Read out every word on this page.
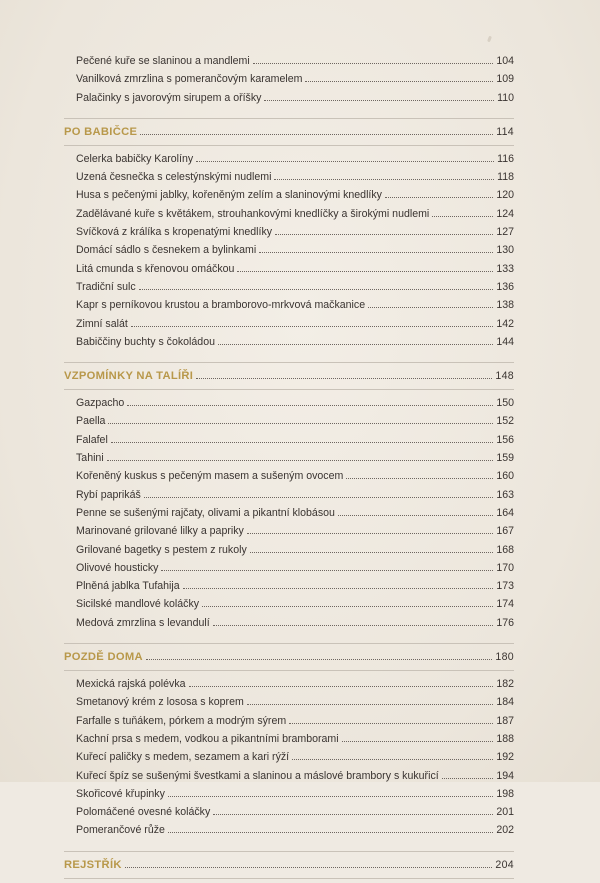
Pečené kuře se slaninou a mandlemi	104
Vanilková zmrzlina s pomerančovým karamelem	109
Palačinky s javorovým sirupem a oříšky	110
PO BABIČCE	114
Celerka babičky Karolíny	116
Uzená česnečka s celestýnskými nudlemi	118
Husa s pečenými jablky, kořeněným zelím a slaninovými knedlíky	120
Zadělávané kuře s květákem, strouhankovými knedlíčky a širokými nudlemi	124
Svíčková z králíka s kropenatými knedlíky	127
Domácí sádlo s česnekem a bylinkami	130
Litá cmunda s křenovou omáčkou	133
Tradiční sulc	136
Kapr s perníkovou krustou a bramborovo-mrkvová mačkanice	138
Zimní salát	142
Babiččiny buchty s čokoládou	144
VZPOMÍNKY NA TALÍŘI	148
Gazpacho	150
Paella	152
Falafel	156
Tahini	159
Kořeněný kuskus s pečeným masem a sušeným ovocem	160
Rybí paprikáš	163
Penne se sušenými rajčaty, olivami a pikantní klobásou	164
Marinované grilované lilky a papriky	167
Grilované bagetky s pestem z rukoly	168
Olivové housticky	170
Plněná jablka Tufahija	173
Sicilské mandlové koláčky	174
Medová zmrzlina s levandulí	176
POZDĚ DOMA	180
Mexická rajská polévka	182
Smetanový krém z lososa s koprem	184
Farfalle s tuňákem, pórkem a modrým sýrem	187
Kachní prsa s medem, vodkou a pikantními bramborami	188
Kuřecí paličky s medem, sezamem a kari rýží	192
Kuřecí špíz se sušenými švestkami a slaninou a máslové brambory s kukuřicí	194
Skořicové křupinky	198
Polomáčené ovesné koláčky	201
Pomerančové růže	202
REJSTŘÍK	204
